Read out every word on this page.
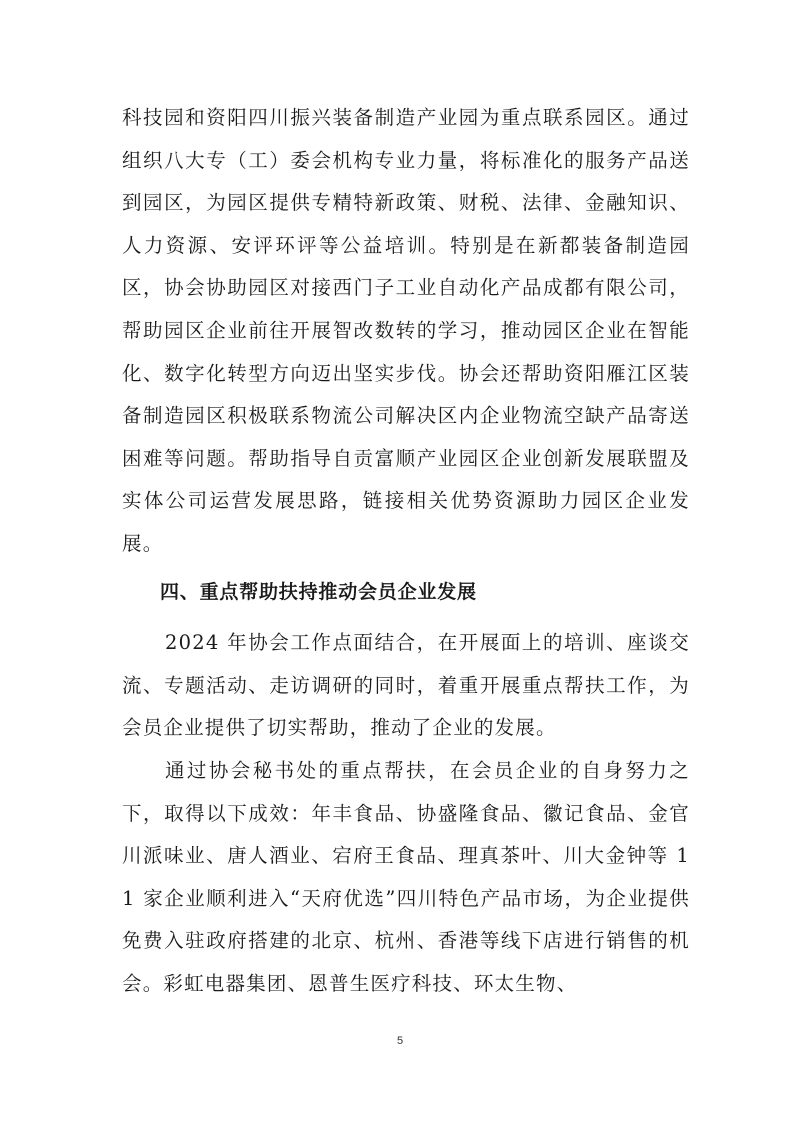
科技园和资阳四川振兴装备制造产业园为重点联系园区。通过组织八大专（工）委会机构专业力量，将标准化的服务产品送到园区，为园区提供专精特新政策、财税、法律、金融知识、人力资源、安评环评等公益培训。特别是在新都装备制造园区，协会协助园区对接西门子工业自动化产品成都有限公司，帮助园区企业前往开展智改数转的学习，推动园区企业在智能化、数字化转型方向迈出坚实步伐。协会还帮助资阳雁江区装备制造园区积极联系物流公司解决区内企业物流空缺产品寄送困难等问题。帮助指导自贡富顺产业园区企业创新发展联盟及实体公司运营发展思路，链接相关优势资源助力园区企业发展。

四、重点帮助扶持推动会员企业发展

2024 年协会工作点面结合，在开展面上的培训、座谈交流、专题活动、走访调研的同时，着重开展重点帮扶工作，为会员企业提供了切实帮助，推动了企业的发展。

通过协会秘书处的重点帮扶，在会员企业的自身努力之下，取得以下成效：年丰食品、协盛隆食品、徽记食品、金官川派味业、唐人酒业、宕府王食品、理真茶叶、川大金钟等 11 家企业顺利进入“天府优选”四川特色产品市场，为企业提供免费入驻政府搭建的北京、杭州、香港等线下店进行销售的机会。彩虹电器集团、恩普生医疗科技、环太生物、

5
